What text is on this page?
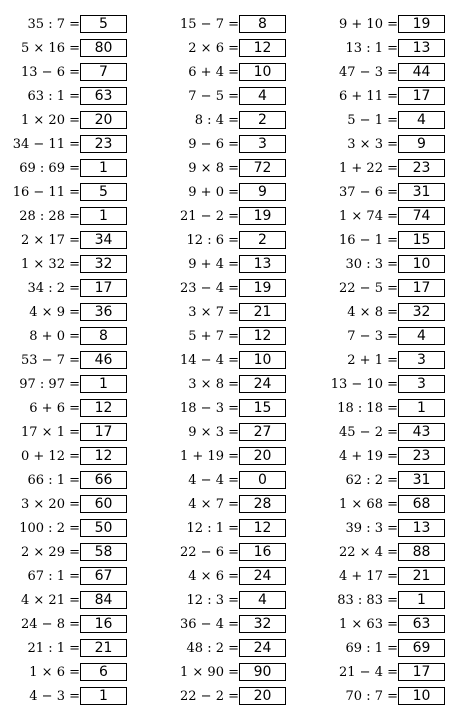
35 : 7 =	5
5 × 16 =	80
13 − 6 =	7
63 : 1 =	63
1 × 20 =	20
34 − 11 =	23
69 : 69 =	1
16 − 11 =	5
28 : 28 =	1
2 × 17 =	34
1 × 32 =	32
34 : 2 =	17
4 × 9 =	36
8 + 0 =	8
53 − 7 =	46
97 : 97 =	1
6 + 6 =	12
17 × 1 =	17
0 + 12 =	12
66 : 1 =	66
3 × 20 =	60
100 : 2 =	50
2 × 29 =	58
67 : 1 =	67
4 × 21 =	84
24 − 8 =	16
21 : 1 =	21
1 × 6 =	6
4 − 3 =	1
15 − 7 =	8
2 × 6 =	12
6 + 4 =	10
7 − 5 =	4
8 : 4 =	2
9 − 6 =	3
9 × 8 =	72
9 + 0 =	9
21 − 2 =	19
12 : 6 =	2
9 + 4 =	13
23 − 4 =	19
3 × 7 =	21
5 + 7 =	12
14 − 4 =	10
3 × 8 =	24
18 − 3 =	15
9 × 3 =	27
1 + 19 =	20
4 − 4 =	0
4 × 7 =	28
12 : 1 =	12
22 − 6 =	16
4 × 6 =	24
12 : 3 =	4
36 − 4 =	32
48 : 2 =	24
1 × 90 =	90
22 − 2 =	20
9 + 10 =	19
13 : 1 =	13
47 − 3 =	44
6 + 11 =	17
5 − 1 =	4
3 × 3 =	9
1 + 22 =	23
37 − 6 =	31
1 × 74 =	74
16 − 1 =	15
30 : 3 =	10
22 − 5 =	17
4 × 8 =	32
7 − 3 =	4
2 + 1 =	3
13 − 10 =	3
18 : 18 =	1
45 − 2 =	43
4 + 19 =	23
62 : 2 =	31
1 × 68 =	68
39 : 3 =	13
22 × 4 =	88
4 + 17 =	21
83 : 83 =	1
1 × 63 =	63
69 : 1 =	69
21 − 4 =	17
70 : 7 =	10
